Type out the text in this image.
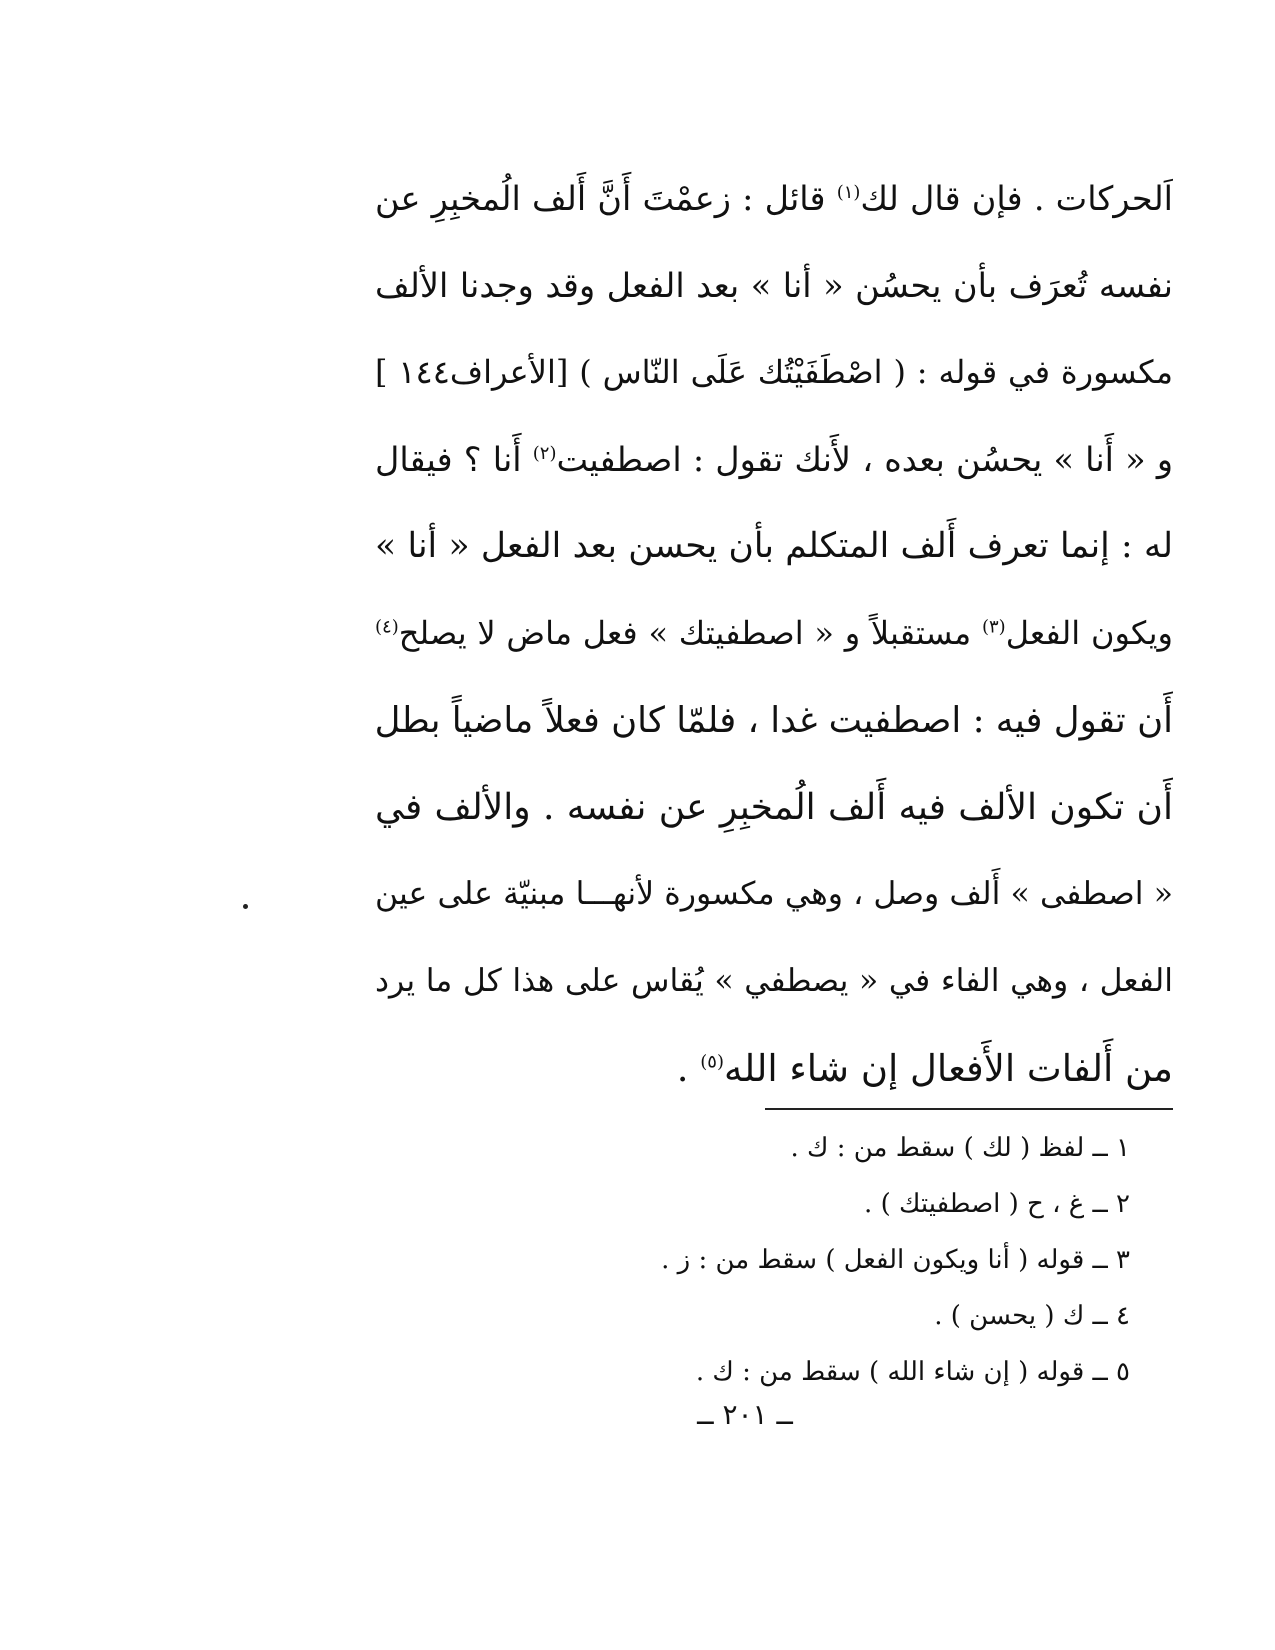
اَلحركات . فإن قال لك$^{(١)}$ قائل : زعمْتَ أَنَّ أَلف الُمخبِرِ عن
نفسه تُعرَف بأن يحسُن « أنا » بعد الفعل وقد وجدنا الألف
مكسورة في قوله : ( اصْطَفَيْتُك عَلَى النّاس ) [الأعراف١٤٤ ]
و « أَنا » يحسُن بعده ، لأَنك تقول : اصطفيت$^{(٢)}$ أَنا ؟ فيقال
له : إنما تعرف أَلف المتكلم بأن يحسن بعد الفعل « أنا »
ويكون الفعل$^{(٣)}$ مستقبلاً و « اصطفيتك » فعل ماض لا يصلح$^{(٤)}$
أَن تقول فيه : اصطفيت غدا ، فلمّا كان فعلاً ماضياً بطل
أَن تكون الألف فيه أَلف الُمخبِرِ عن نفسه . والألف في
« اصطفى » أَلف وصل ، وهي مكسورة لأنهـــا مبنيّة على عين
الفعل ، وهي الفاء في « يصطفي » يُقاس على هذا كل ما يرد
من أَلفات الأَفعال إن شاء الله$^{(٥)}$ .
١ ــ لفظ ( لك ) سقط من : ك .
٢ ــ غ ، ح ( اصطفيتك ) .
٣ ــ قوله ( أنا ويكون الفعل ) سقط من : ز .
٤ ــ ك ( يحسن ) .
٥ ــ قوله ( إن شاء الله ) سقط من : ك .
ــ ٢٠١ ــ
